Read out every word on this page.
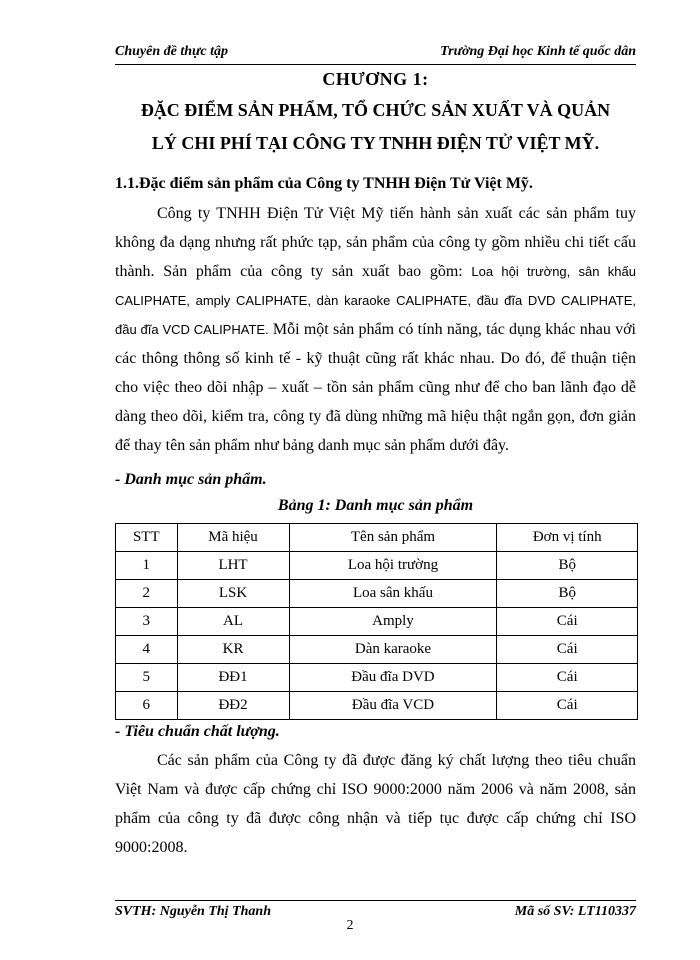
Chuyên đề thực tập	Trường Đại học Kinh tế quốc dân
CHƯƠNG 1:
ĐẶC ĐIỂM SẢN PHẨM, TỔ CHỨC SẢN XUẤT VÀ QUẢN
LÝ CHI PHÍ TẠI CÔNG TY TNHH ĐIỆN TỬ VIỆT MỸ.
1.1.Đặc điểm sản phẩm của Công ty TNHH Điện Tử Việt Mỹ.

Công ty TNHH Điện Tử Việt Mỹ tiến hành sản xuất các sản phẩm tuy không đa dạng nhưng rất phức tạp, sản phẩm của công ty gồm nhiều chi tiết cấu thành. Sản phẩm của công ty sản xuất bao gồm: Loa hội trường, sân khấu CALIPHATE, amply CALIPHATE, dàn karaoke CALIPHATE, đầu đĩa DVD CALIPHATE, đầu đĩa VCD CALIPHATE. Mỗi một sản phẩm có tính năng, tác dụng khác nhau với các thông thông số kinh tế - kỹ thuật cũng rất khác nhau. Do đó, để thuận tiện cho việc theo dõi nhập – xuất – tồn sản phẩm cũng như để cho ban lãnh đạo dễ dàng theo dõi, kiểm tra, công ty đã dùng những mã hiệu thật ngắn gọn, đơn giản để thay tên sản phẩm như bảng danh mục sản phẩm dưới đây.

- Danh mục sản phẩm.
Bảng 1: Danh mục sản phẩm
STT	Mã hiệu	Tên sản phẩm	Đơn vị tính
1	LHT	Loa hội trường	Bộ
2	LSK	Loa sân khấu	Bộ
3	AL	Amply	Cái
4	KR	Dàn karaoke	Cái
5	ĐĐ1	Đầu đĩa DVD	Cái
6	ĐĐ2	Đầu đĩa VCD	Cái
- Tiêu chuẩn chất lượng.

Các sản phẩm của Công ty đã được đăng ký chất lượng theo tiêu chuẩn Việt Nam và được cấp chứng chỉ ISO 9000:2000 năm 2006 và năm 2008, sản phẩm của công ty đã được công nhận và tiếp tục được cấp chứng chỉ ISO 9000:2008.

SVTH: Nguyễn Thị Thanh	Mã số SV: LT110337
2
